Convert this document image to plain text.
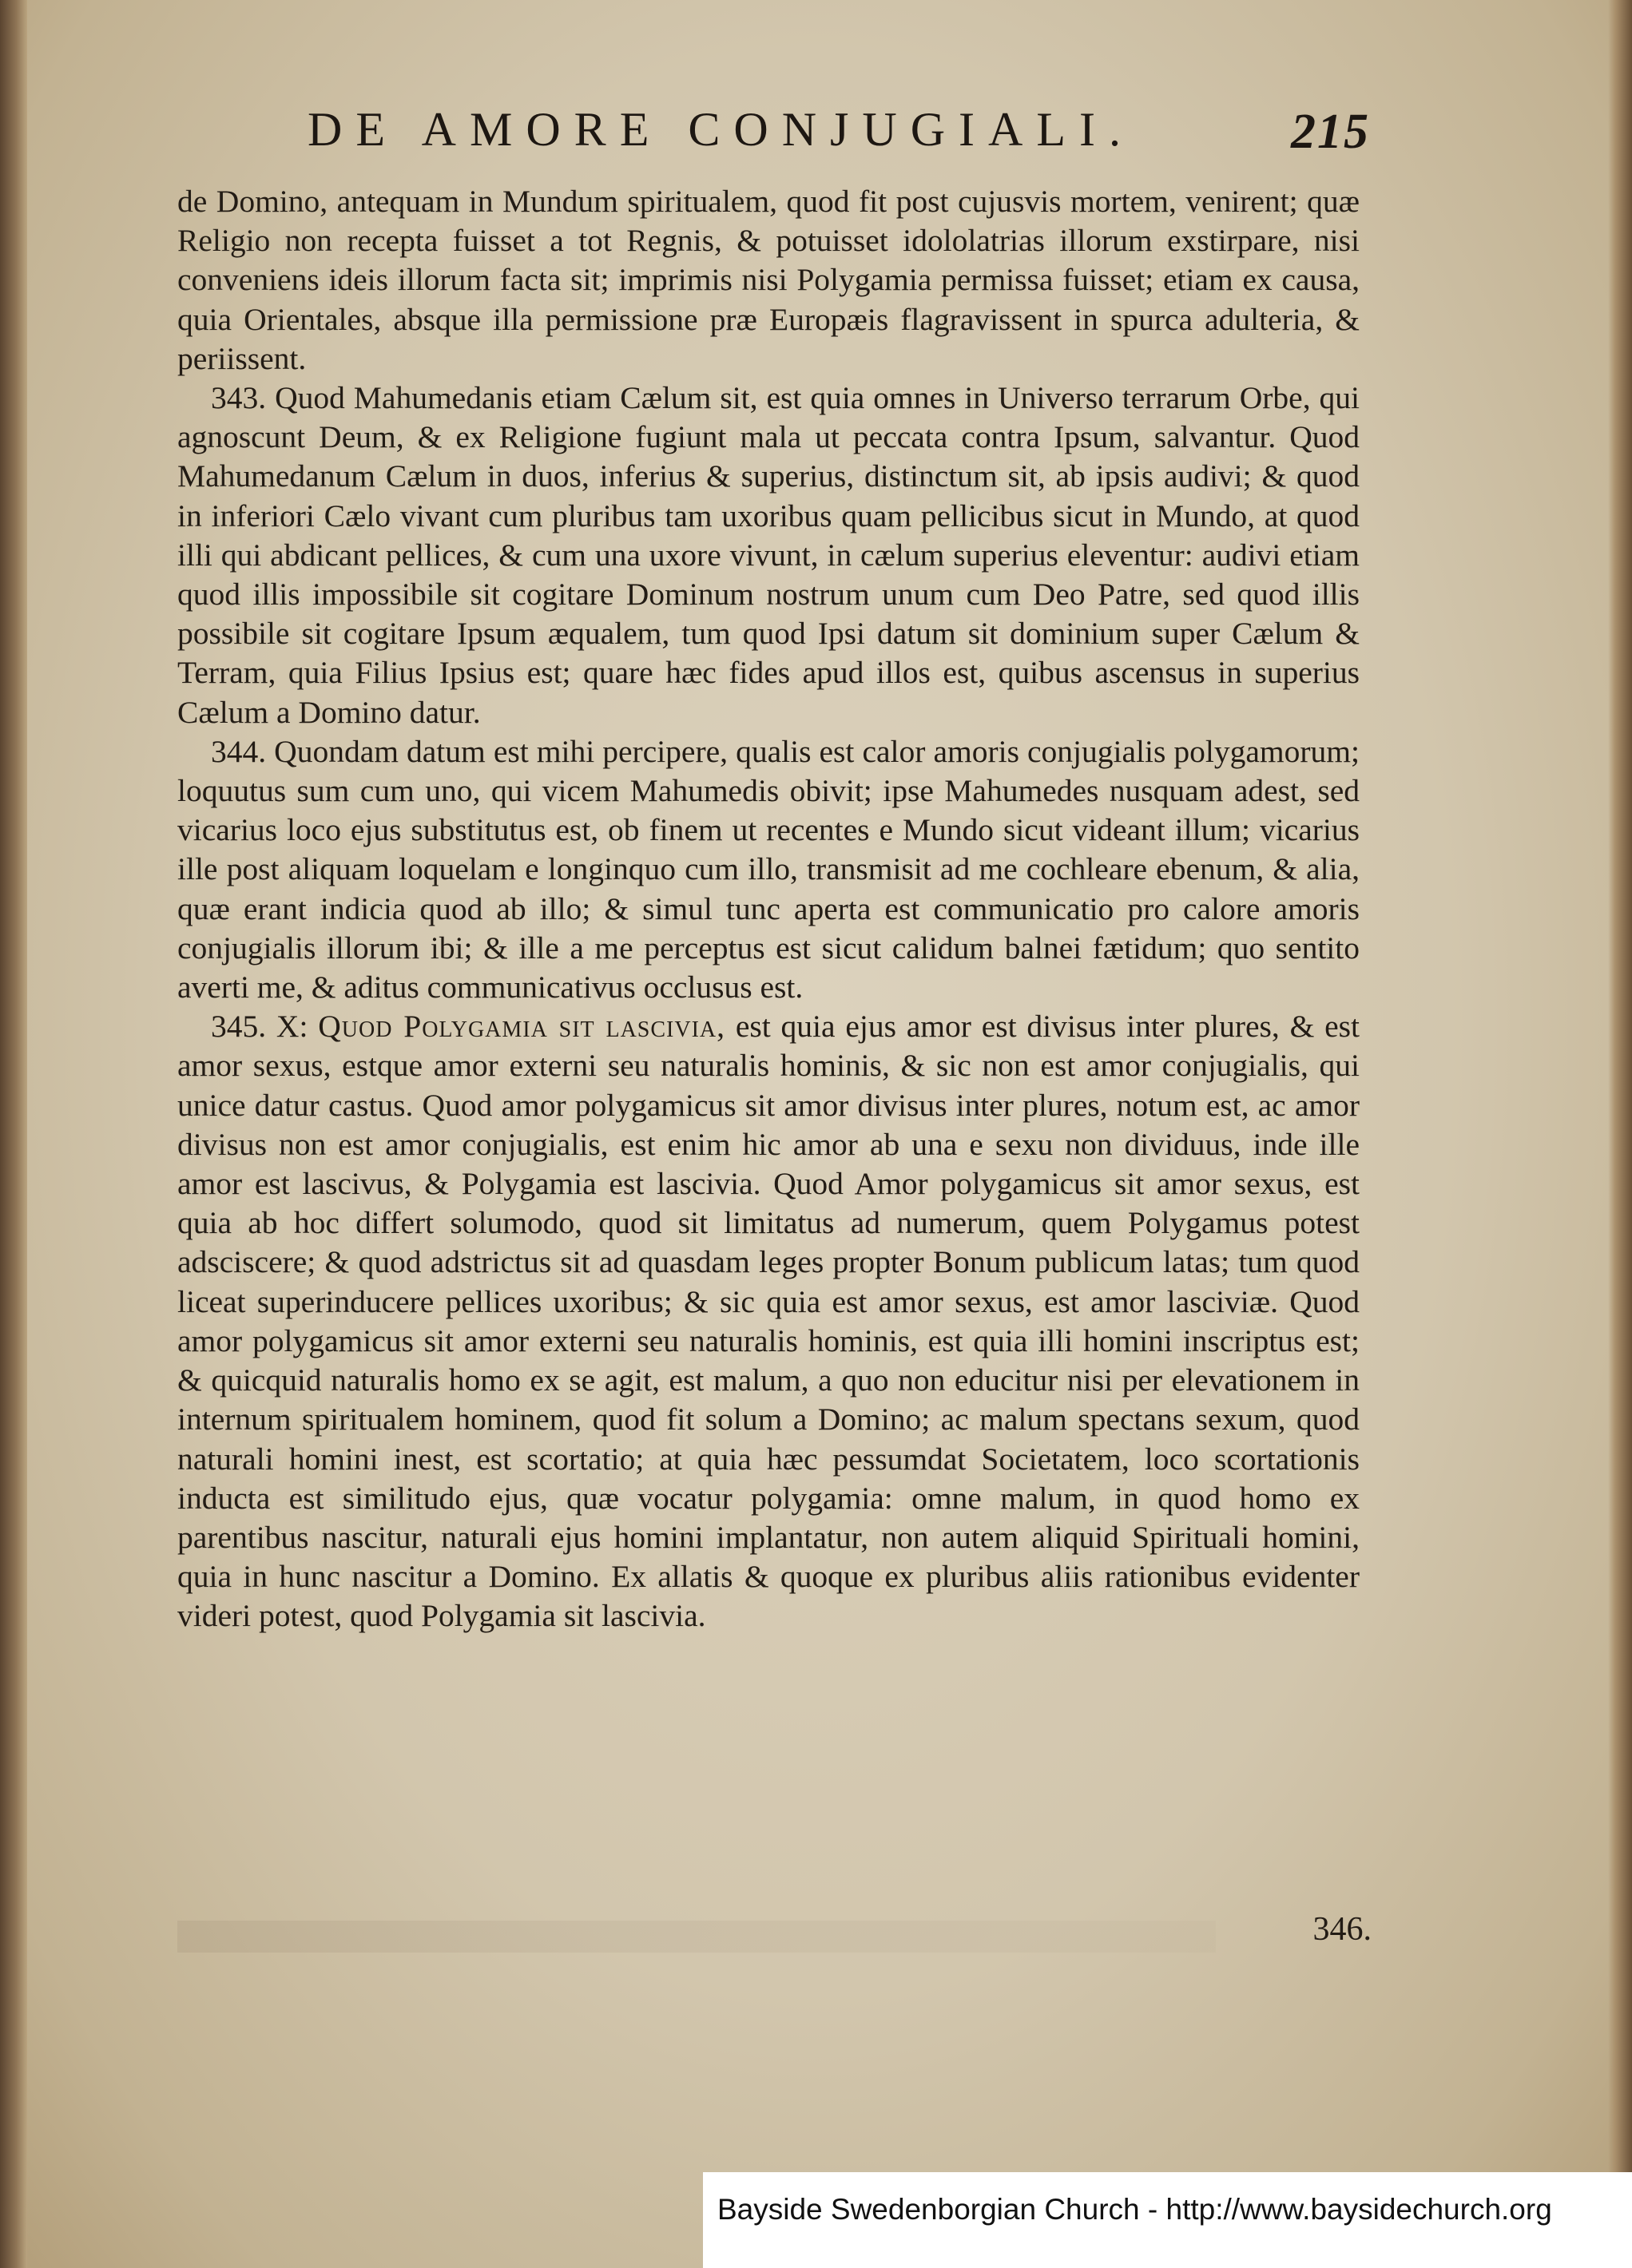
DE AMORE CONJUGIALI.	215

de Domino, antequam in Mundum spiritualem, quod fit post cujusvis mortem, venirent; quæ Religio non recepta fuisset a tot Regnis, & potuisset idololatrias illorum exstirpare, nisi conveniens ideis illorum facta sit; imprimis nisi Polygamia permissa fuisset; etiam ex causa, quia Orientales, absque illa permissione præ Europæis flagravissent in spurca adulteria, & periissent.

343. Quod Mahumedanis etiam Cælum sit, est quia omnes in Universo terrarum Orbe, qui agnoscunt Deum, & ex Religione fugiunt mala ut peccata contra Ipsum, salvantur. Quod Mahumedanum Cælum in duos, inferius & superius, distinctum sit, ab ipsis audivi; & quod in inferiori Cælo vivant cum pluribus tam uxoribus quam pellicibus sicut in Mundo, at quod illi qui abdicant pellices, & cum una uxore vivunt, in cælum superius eleventur: audivi etiam quod illis impossibile sit cogitare Dominum nostrum unum cum Deo Patre, sed quod illis possibile sit cogitare Ipsum æqualem, tum quod Ipsi datum sit dominium super Cælum & Terram, quia Filius Ipsius est; quare hæc fides apud illos est, quibus ascensus in superius Cælum a Domino datur.

344. Quondam datum est mihi percipere, qualis est calor amoris conjugialis polygamorum; loquutus sum cum uno, qui vicem Mahumedis obivit; ipse Mahumedes nusquam adest, sed vicarius loco ejus substitutus est, ob finem ut recentes e Mundo sicut videant illum; vicarius ille post aliquam loquelam e longinquo cum illo, transmisit ad me cochleare ebenum, & alia, quæ erant indicia quod ab illo; & simul tunc aperta est communicatio pro calore amoris conjugialis illorum ibi; & ille a me perceptus est sicut calidum balnei fætidum; quo sentito averti me, & aditus communicativus occlusus est.

345. X: Quod Polygamia sit lascivia, est quia ejus amor est divisus inter plures, & est amor sexus, estque amor externi seu naturalis hominis, & sic non est amor conjugialis, qui unice datur castus. Quod amor polygamicus sit amor divisus inter plures, notum est, ac amor divisus non est amor conjugialis, est enim hic amor ab una e sexu non dividuus, inde ille amor est lascivus, & Polygamia est lascivia. Quod Amor polygamicus sit amor sexus, est quia ab hoc differt solumodo, quod sit limitatus ad numerum, quem Polygamus potest adsciscere; & quod adstrictus sit ad quasdam leges propter Bonum publicum latas; tum quod liceat superinducere pellices uxoribus; & sic quia est amor sexus, est amor lasciviæ. Quod amor polygamicus sit amor externi seu naturalis hominis, est quia illi homini inscriptus est; & quicquid naturalis homo ex se agit, est malum, a quo non educitur nisi per elevationem in internum spiritualem hominem, quod fit solum a Domino; ac malum spectans sexum, quod naturali homini inest, est scortatio; at quia hæc pessumdat Societatem, loco scortationis inducta est similitudo ejus, quæ vocatur polygamia: omne malum, in quod homo ex parentibus nascitur, naturali ejus homini implantatur, non autem aliquid Spirituali homini, quia in hunc nascitur a Domino. Ex allatis & quoque ex pluribus aliis rationibus evidenter videri potest, quod Polygamia sit lascivia.

346.
Bayside Swedenborgian Church - http://www.baysidechurch.org
